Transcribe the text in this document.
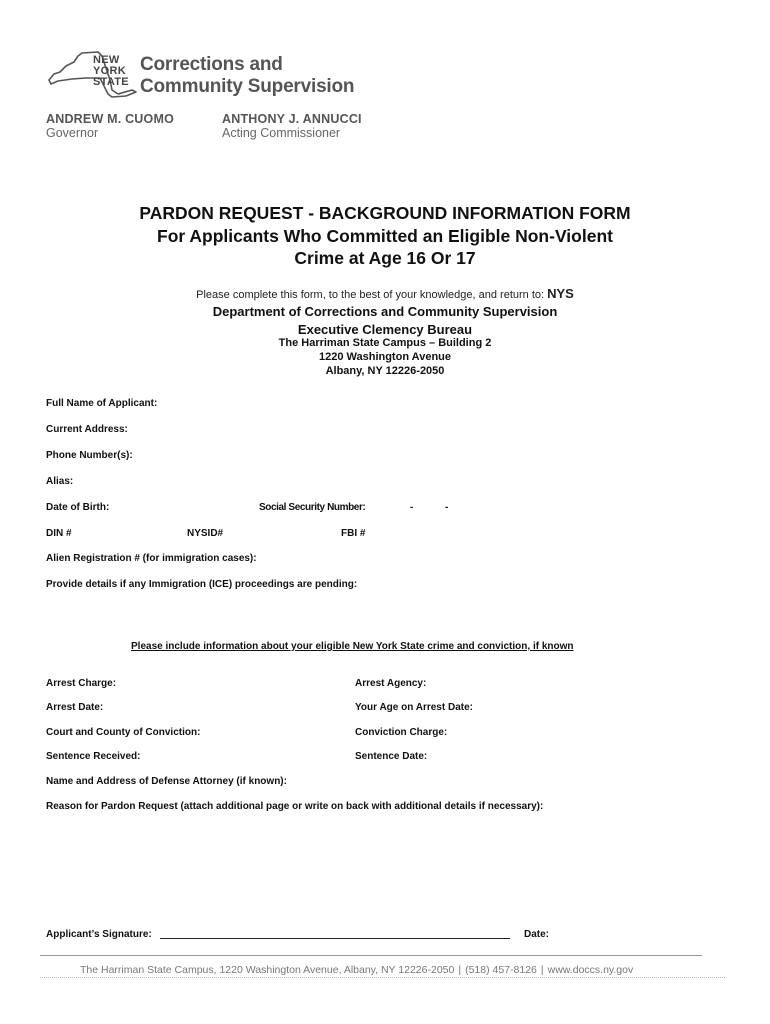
NEW
YORK
STATE
Corrections and
Community Supervision
ANDREW M. CUOMO
Governor
ANTHONY J. ANNUCCI
Acting Commissioner
PARDON REQUEST - BACKGROUND INFORMATION FORM
For Applicants Who Committed an Eligible Non-Violent
Crime at Age 16 Or 17
Please complete this form, to the best of your knowledge, and return to: NYS
Department of Corrections and Community Supervision
Executive Clemency Bureau
The Harriman State Campus – Building 2
1220 Washington Avenue
Albany, NY 12226-2050
Full Name of Applicant:
Current Address:
Phone Number(s):
Alias:
Date of Birth:	Social Security Number:	-	-
DIN #	NYSID#	FBI #
Alien Registration # (for immigration cases):
Provide details if any Immigration (ICE) proceedings are pending:
Please include information about your eligible New York State crime and conviction, if known
Arrest Charge:	Arrest Agency:
Arrest Date:	Your Age on Arrest Date:
Court and County of Conviction:	Conviction Charge:
Sentence Received:	Sentence Date:
Name and Address of Defense Attorney (if known):
Reason for Pardon Request (attach additional page or write on back with additional details if necessary):
Applicant’s Signature:	Date:
The Harriman State Campus, 1220 Washington Avenue, Albany, NY 12226-2050 | (518) 457-8126 | www.doccs.ny.gov
